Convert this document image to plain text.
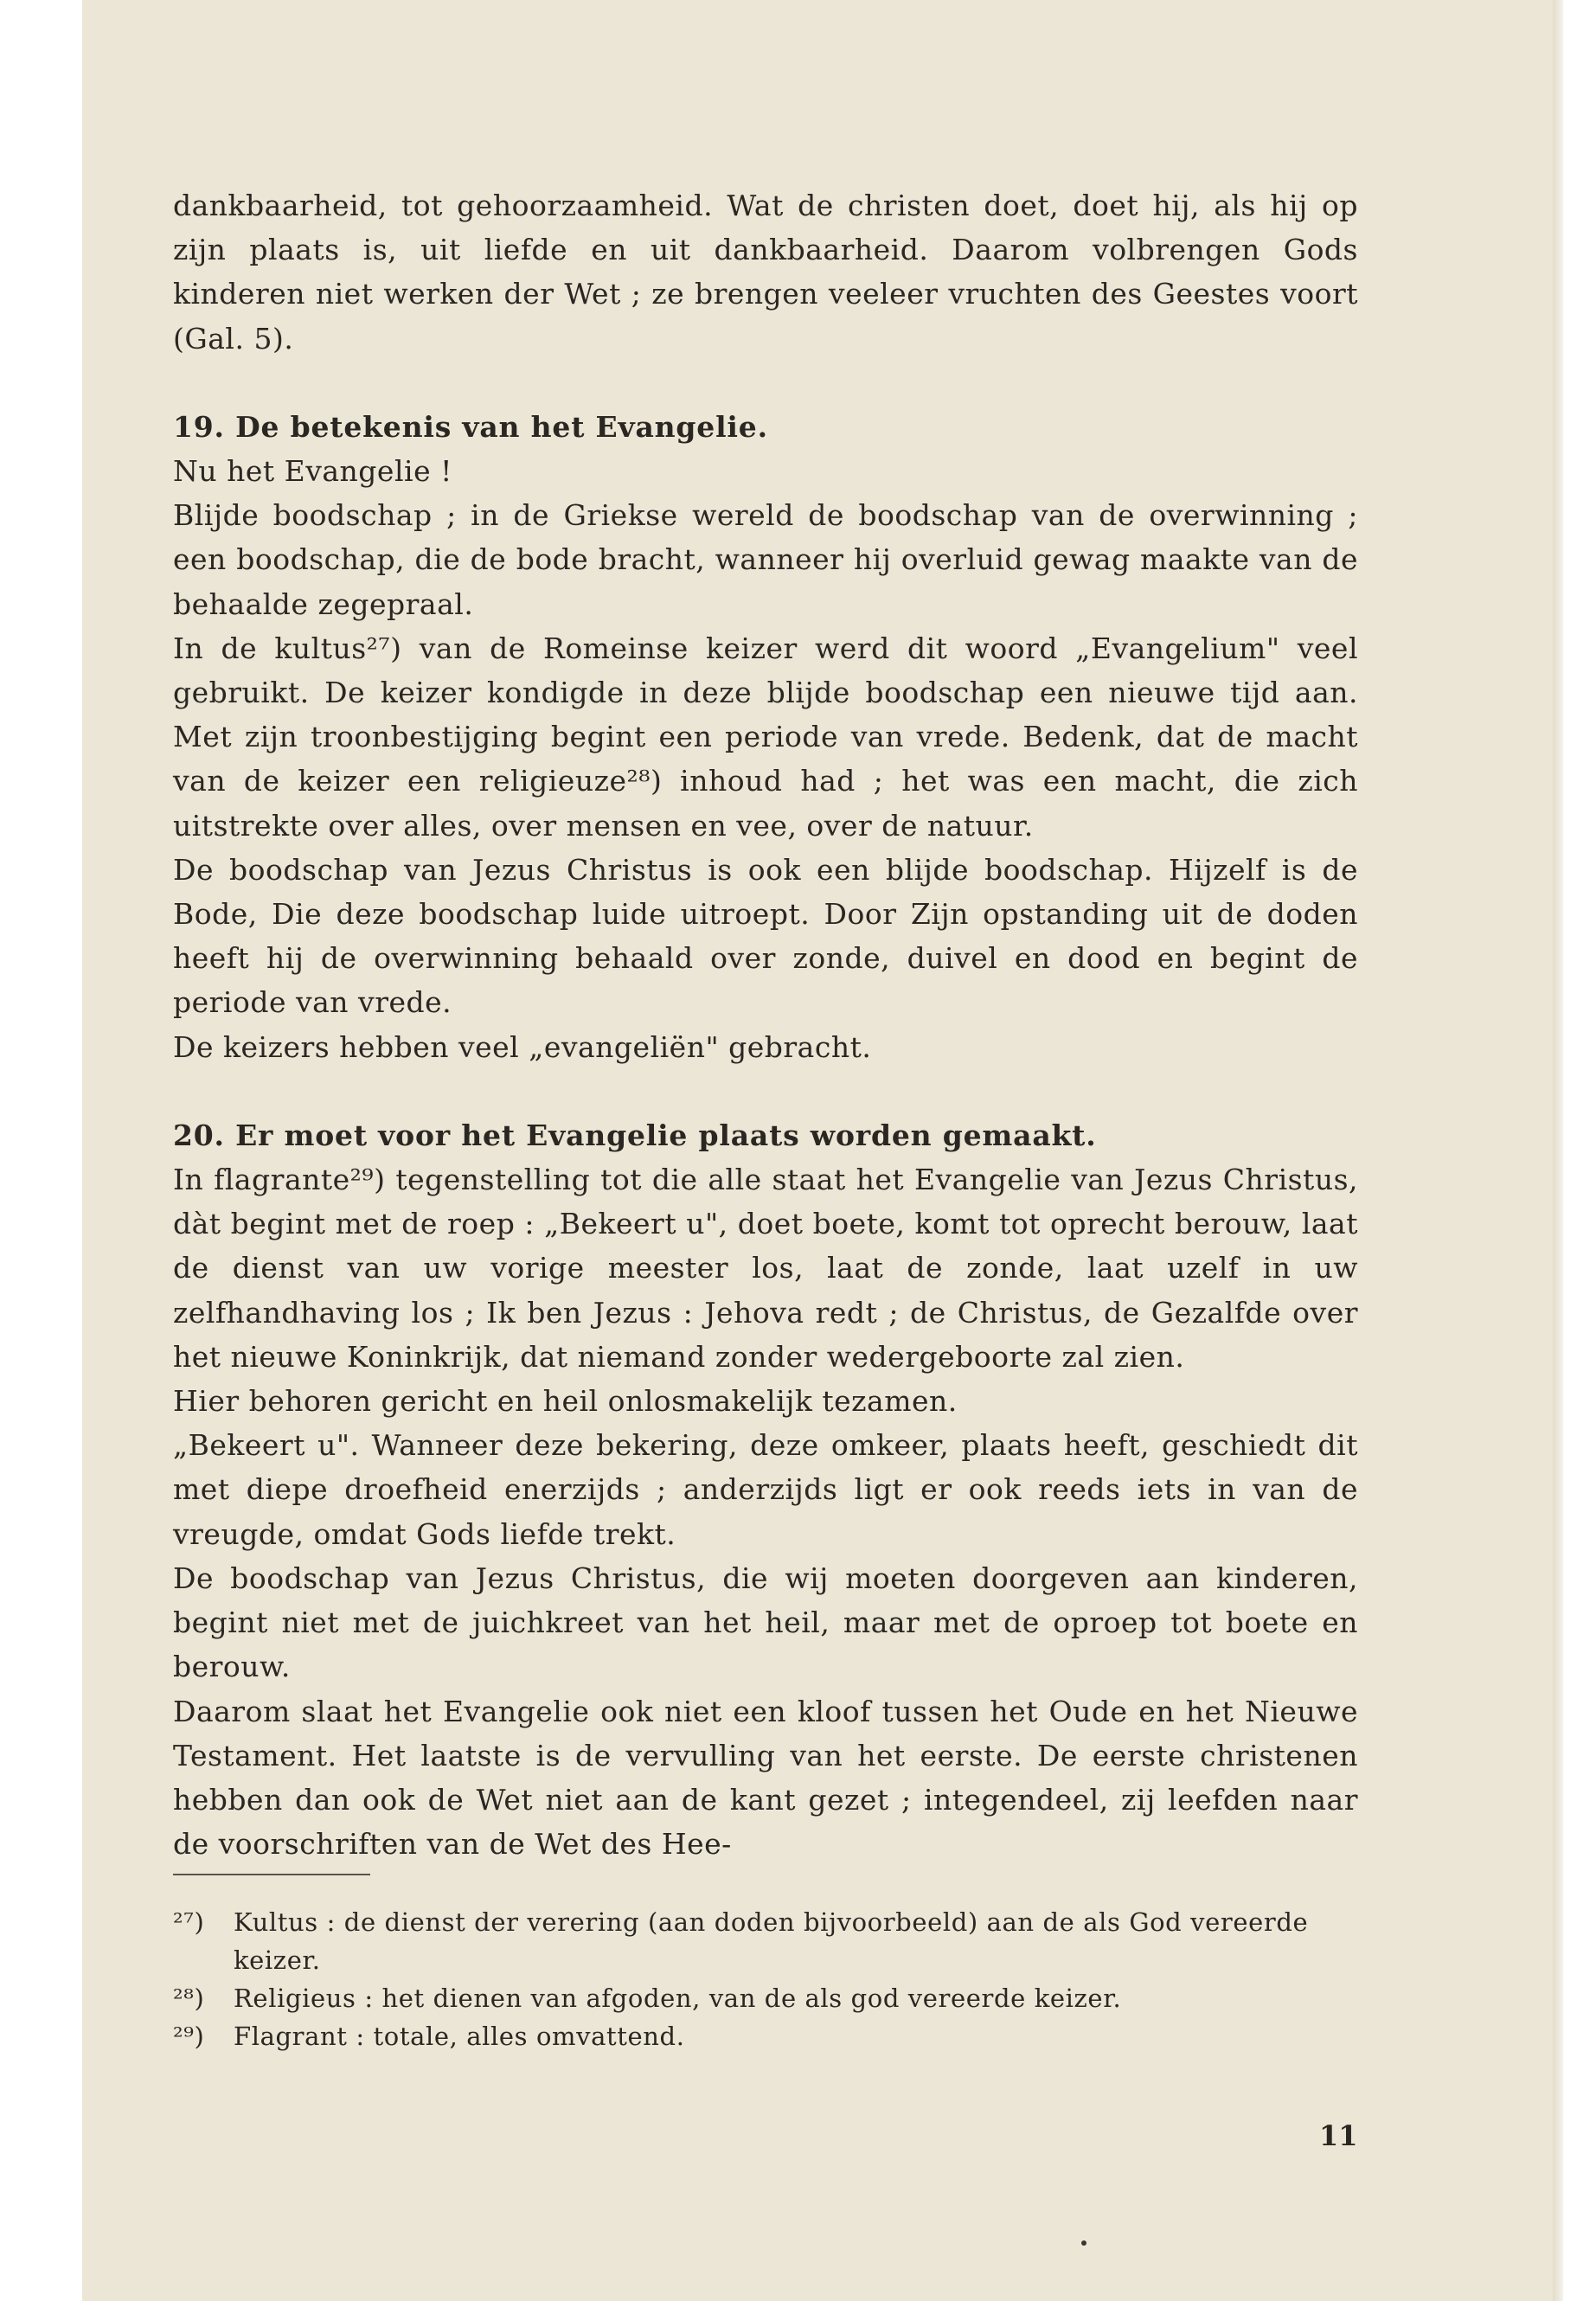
dankbaarheid, tot gehoorzaamheid. Wat de christen doet, doet hij, als hij op zijn plaats is, uit liefde en uit dankbaarheid. Daarom volbrengen Gods kinderen niet werken der Wet ; ze brengen veeleer vruchten des Geestes voort (Gal. 5).

19. De betekenis van het Evangelie.

Nu het Evangelie !

Blijde boodschap ; in de Griekse wereld de boodschap van de overwinning ; een boodschap, die de bode bracht, wanneer hij overluid gewag maakte van de behaalde zegepraal.

In de kultus²⁷) van de Romeinse keizer werd dit woord „Evangelium" veel gebruikt. De keizer kondigde in deze blijde boodschap een nieuwe tijd aan. Met zijn troonbestijging begint een periode van vrede. Bedenk, dat de macht van de keizer een religieuze²⁸) inhoud had ; het was een macht, die zich uitstrekte over alles, over mensen en vee, over de natuur.

De boodschap van Jezus Christus is ook een blijde boodschap. Hijzelf is de Bode, Die deze boodschap luide uitroept. Door Zijn opstanding uit de doden heeft hij de overwinning behaald over zonde, duivel en dood en begint de periode van vrede.

De keizers hebben veel „evangeliën" gebracht.

20. Er moet voor het Evangelie plaats worden gemaakt.

In flagrante²⁹) tegenstelling tot die alle staat het Evangelie van Jezus Christus, dàt begint met de roep : „Bekeert u", doet boete, komt tot oprecht berouw, laat de dienst van uw vorige meester los, laat de zonde, laat uzelf in uw zelfhandhaving los ; Ik ben Jezus : Jehova redt ; de Christus, de Gezalfde over het nieuwe Koninkrijk, dat niemand zonder wedergeboorte zal zien.

Hier behoren gericht en heil onlosmakelijk tezamen.

„Bekeert u". Wanneer deze bekering, deze omkeer, plaats heeft, geschiedt dit met diepe droefheid enerzijds ; anderzijds ligt er ook reeds iets in van de vreugde, omdat Gods liefde trekt.

De boodschap van Jezus Christus, die wij moeten doorgeven aan kinderen, begint niet met de juichkreet van het heil, maar met de oproep tot boete en berouw.

Daarom slaat het Evangelie ook niet een kloof tussen het Oude en het Nieuwe Testament. Het laatste is de vervulling van het eerste. De eerste christenen hebben dan ook de Wet niet aan de kant gezet ; integendeel, zij leefden naar de voorschriften van de Wet des Hee-

²⁷) Kultus : de dienst der verering (aan doden bijvoorbeeld) aan de als God vereerde keizer.
²⁸) Religieus : het dienen van afgoden, van de als god vereerde keizer.
²⁹) Flagrant : totale, alles omvattend.
11
